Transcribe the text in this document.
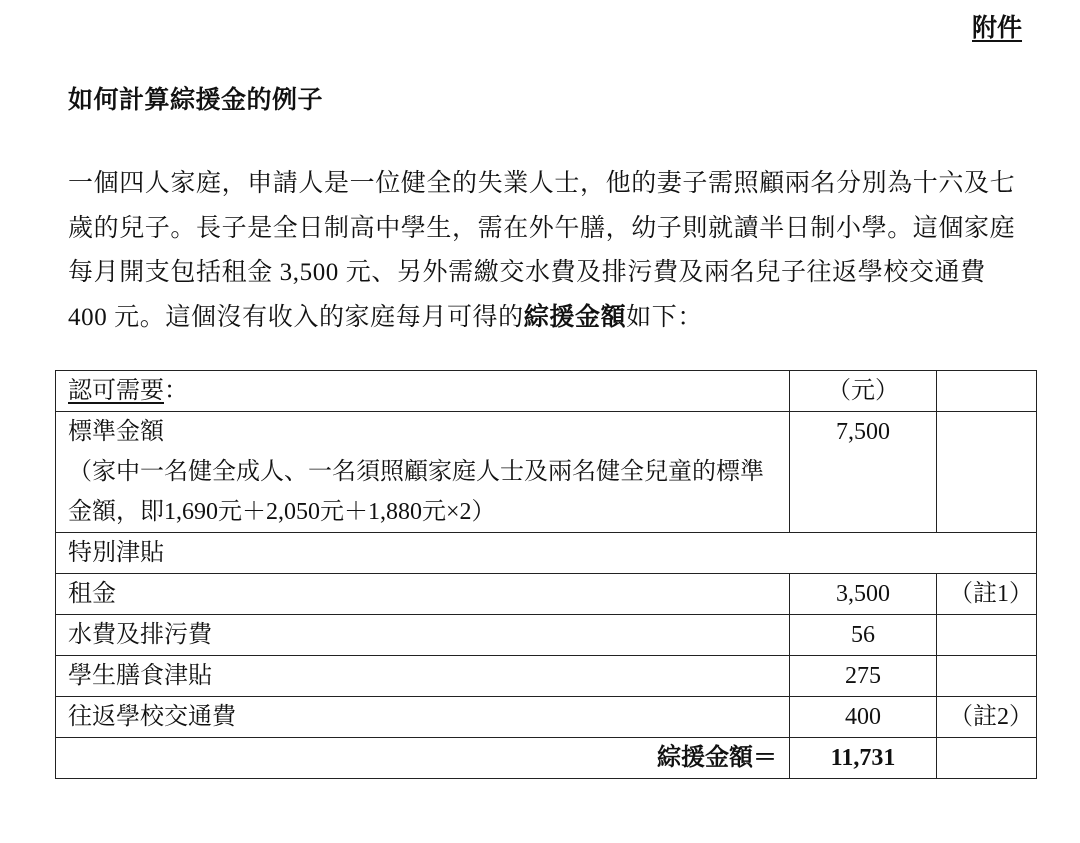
附件
如何計算綜援金的例子
一個四人家庭，申請人是一位健全的失業人士，他的妻子需照顧兩名分別為十六及七歲的兒子。長子是全日制高中學生，需在外午膳，幼子則就讀半日制小學。這個家庭每月開支包括租金 3,500 元、另外需繳交水費及排污費及兩名兒子往返學校交通費 400 元。這個沒有收入的家庭每月可得的綜援金額如下：
認可需要：	（元）	

標準金額
（家中一名健全成人、一名須照顧家庭人士及兩名健全兒童的標準金額，即1,690元＋2,050元＋1,880元×2）	7,500	
特別津貼		
租金	3,500	（註1）
水費及排污費	56	
學生膳食津貼	275	
往返學校交通費	400	（註2）
綜援金額＝	11,731	
